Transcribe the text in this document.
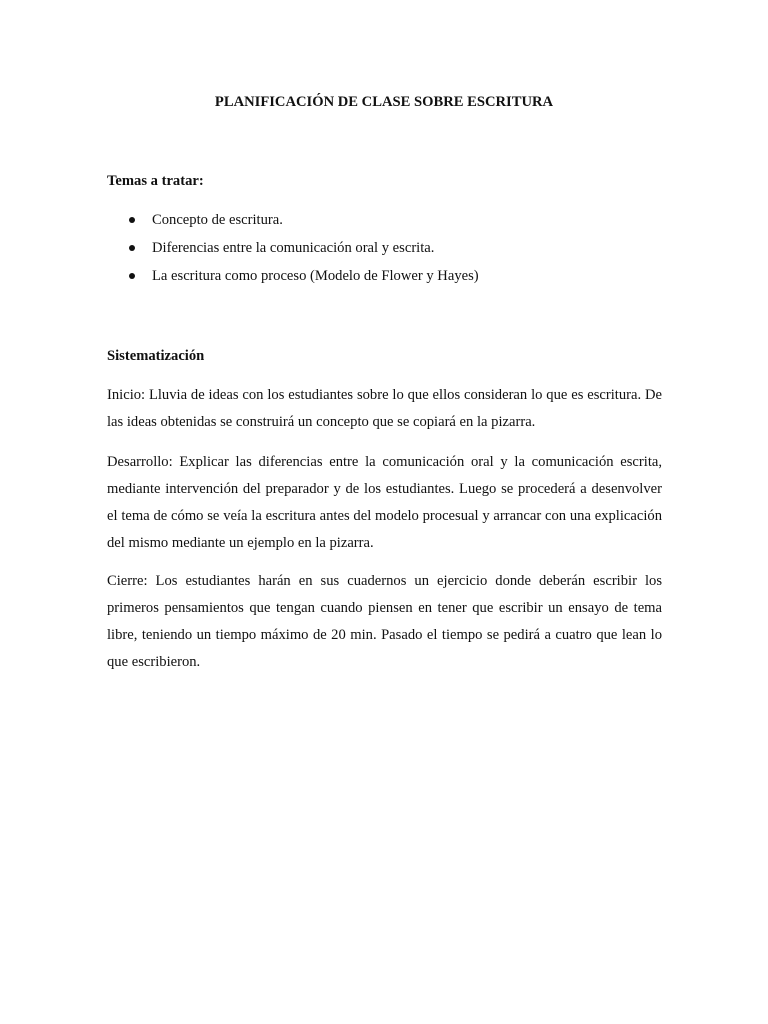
PLANIFICACIÓN DE CLASE SOBRE ESCRITURA

Temas a tratar:

Concepto de escritura.
Diferencias entre la comunicación oral y escrita.
La escritura como proceso (Modelo de Flower y Hayes)

Sistematización

Inicio: Lluvia de ideas con los estudiantes sobre lo que ellos consideran lo que es escritura. De las ideas obtenidas se construirá un concepto que se copiará en la pizarra.

Desarrollo: Explicar las diferencias entre la comunicación oral y la comunicación escrita, mediante intervención del preparador y de los estudiantes. Luego se procederá a desenvolver el tema de cómo se veía la escritura antes del modelo procesual y arrancar con una explicación del mismo mediante un ejemplo en la pizarra.

Cierre: Los estudiantes harán en sus cuadernos un ejercicio donde deberán escribir los primeros pensamientos que tengan cuando piensen en tener que escribir un ensayo de tema libre, teniendo un tiempo máximo de 20 min. Pasado el tiempo se pedirá a cuatro que lean lo que escribieron.
